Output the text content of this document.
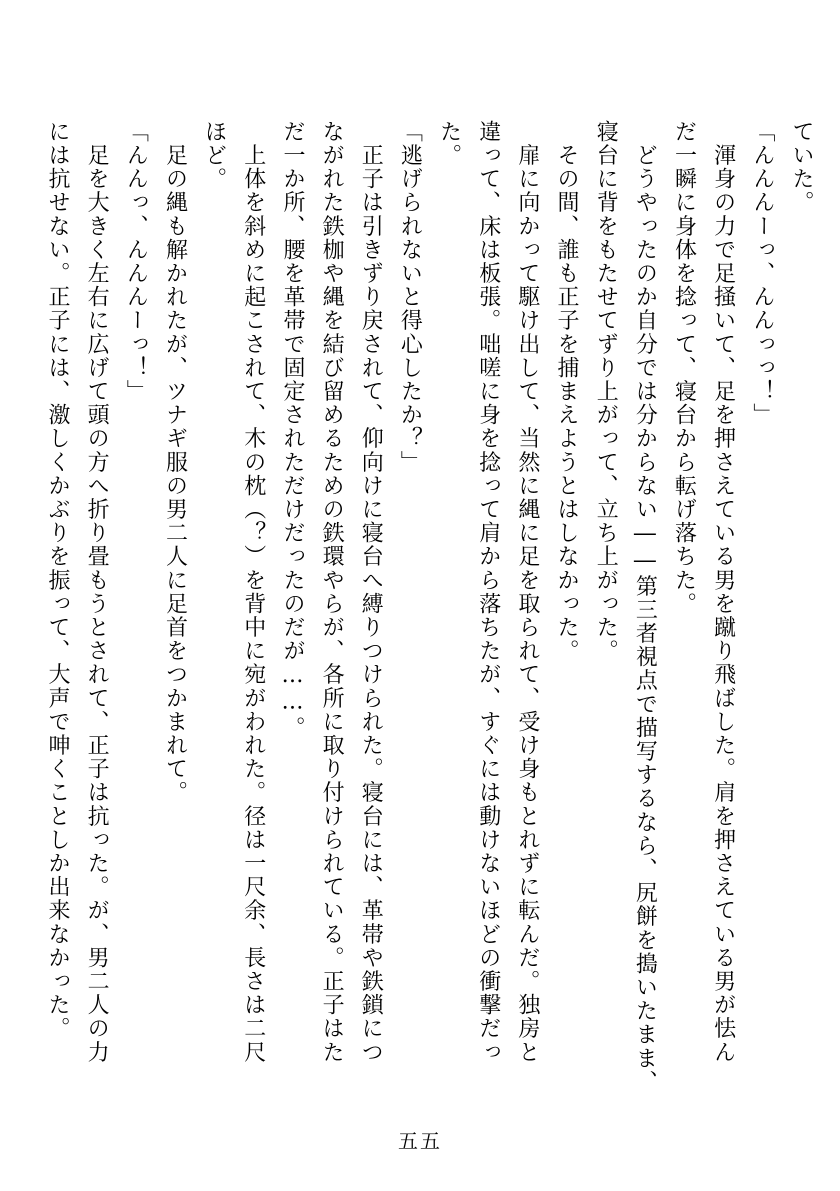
ていた。

「んんんーっ、んんっっ！」

　渾身の力で足掻いて、足を押さえている男を蹴り飛ばした。肩を押さえている男が怯ん

だ一瞬に身体を捻って、寝台から転げ落ちた。

　どうやったのか自分では分からない――第三者視点で描写するなら、尻餅を搗いたまま、

寝台に背をもたせてずり上がって、立ち上がった。

　その間、誰も正子を捕まえようとはしなかった。

　扉に向かって駆け出して、当然に縄に足を取られて、受け身もとれずに転んだ。独房と

違って、床は板張。咄嗟に身を捻って肩から落ちたが、すぐには動けないほどの衝撃だっ

た。

「逃げられないと得心したか？」

　正子は引きずり戻されて、仰向けに寝台へ縛りつけられた。寝台には、革帯や鉄鎖につ

ながれた鉄枷や縄を結び留めるための鉄環やらが、各所に取り付けられている。正子はた

だ一か所、腰を革帯で固定されただけだったのだが……。

　上体を斜めに起こされて、木の枕（？）を背中に宛がわれた。径は一尺余、長さは二尺

ほど。

　足の縄も解かれたが、ツナギ服の男二人に足首をつかまれて。

「んんっ、んんんーっ！」

　足を大きく左右に広げて頭の方へ折り畳もうとされて、正子は抗った。が、男二人の力

には抗せない。正子には、激しくかぶりを振って、大声で呻くことしか出来なかった。

五五
